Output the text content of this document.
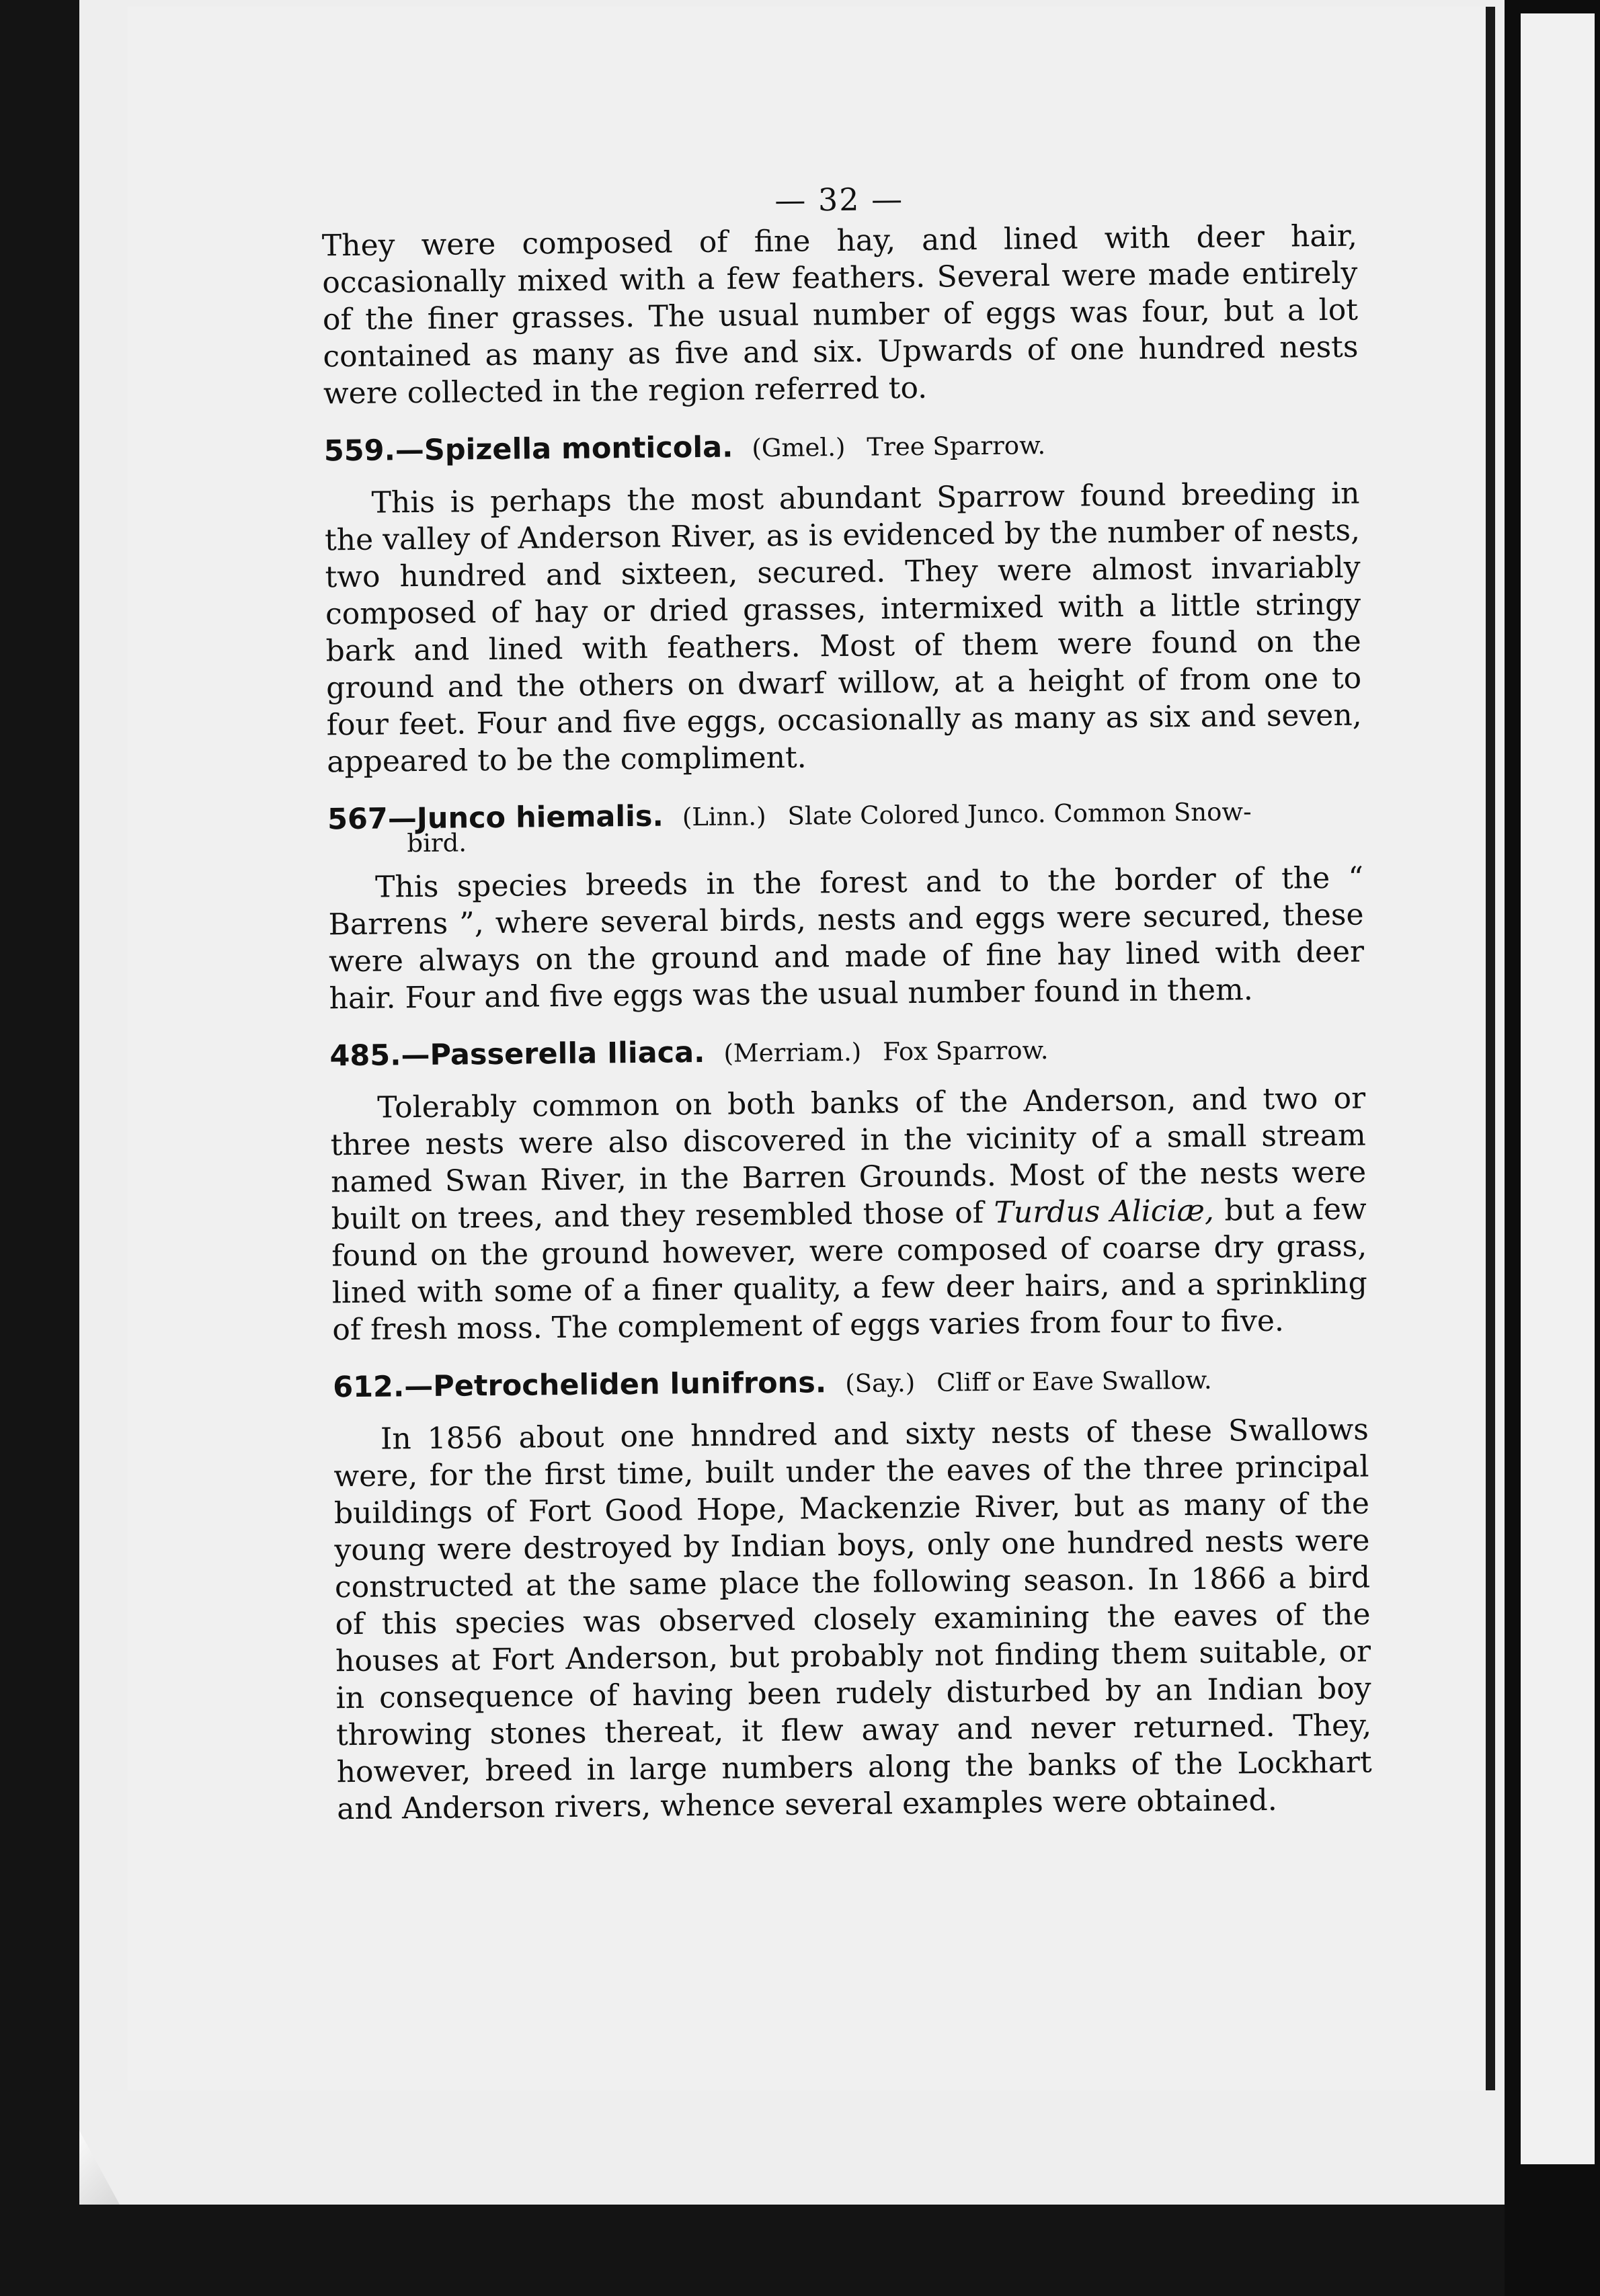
— 32 —

They were composed of fine hay, and lined with deer hair, occasionally mixed with a few feathers. Several were made entirely of the finer grasses. The usual number of eggs was four, but a lot contained as many as five and six. Upwards of one hundred nests were collected in the region referred to.

559.—Spizella monticola. (Gmel.) Tree Sparrow.

This is perhaps the most abundant Sparrow found breeding in the valley of Anderson River, as is evidenced by the number of nests, two hundred and sixteen, secured. They were almost invariably composed of hay or dried grasses, intermixed with a little stringy bark and lined with feathers. Most of them were found on the ground and the others on dwarf willow, at a height of from one to four feet. Four and five eggs, occasionally as many as six and seven, appeared to be the compliment.

567—Junco hiemalis. (Linn.) Slate Colored Junco. Common Snow-
bird.

This species breeds in the forest and to the border of the “ Barrens ”, where several birds, nests and eggs were secured, these were always on the ground and made of fine hay lined with deer hair. Four and five eggs was the usual number found in them.

485.—Passerella Iliaca. (Merriam.) Fox Sparrow.

Tolerably common on both banks of the Anderson, and two or three nests were also discovered in the vicinity of a small stream named Swan River, in the Barren Grounds. Most of the nests were built on trees, and they resembled those of Turdus Aliciæ, but a few found on the ground however, were composed of coarse dry grass, lined with some of a finer quality, a few deer hairs, and a sprinkling of fresh moss. The complement of eggs varies from four to five.

612.—Petrocheliden lunifrons. (Say.) Cliff or Eave Swallow.

In 1856 about one hnndred and sixty nests of these Swallows were, for the first time, built under the eaves of the three principal buildings of Fort Good Hope, Mackenzie River, but as many of the young were destroyed by Indian boys, only one hundred nests were constructed at the same place the following season. In 1866 a bird of this species was observed closely examining the eaves of the houses at Fort Anderson, but probably not finding them suitable, or in consequence of having been rudely disturbed by an Indian boy throwing stones thereat, it flew away and never returned. They, however, breed in large numbers along the banks of the Lockhart and Anderson rivers, whence several examples were obtained.
